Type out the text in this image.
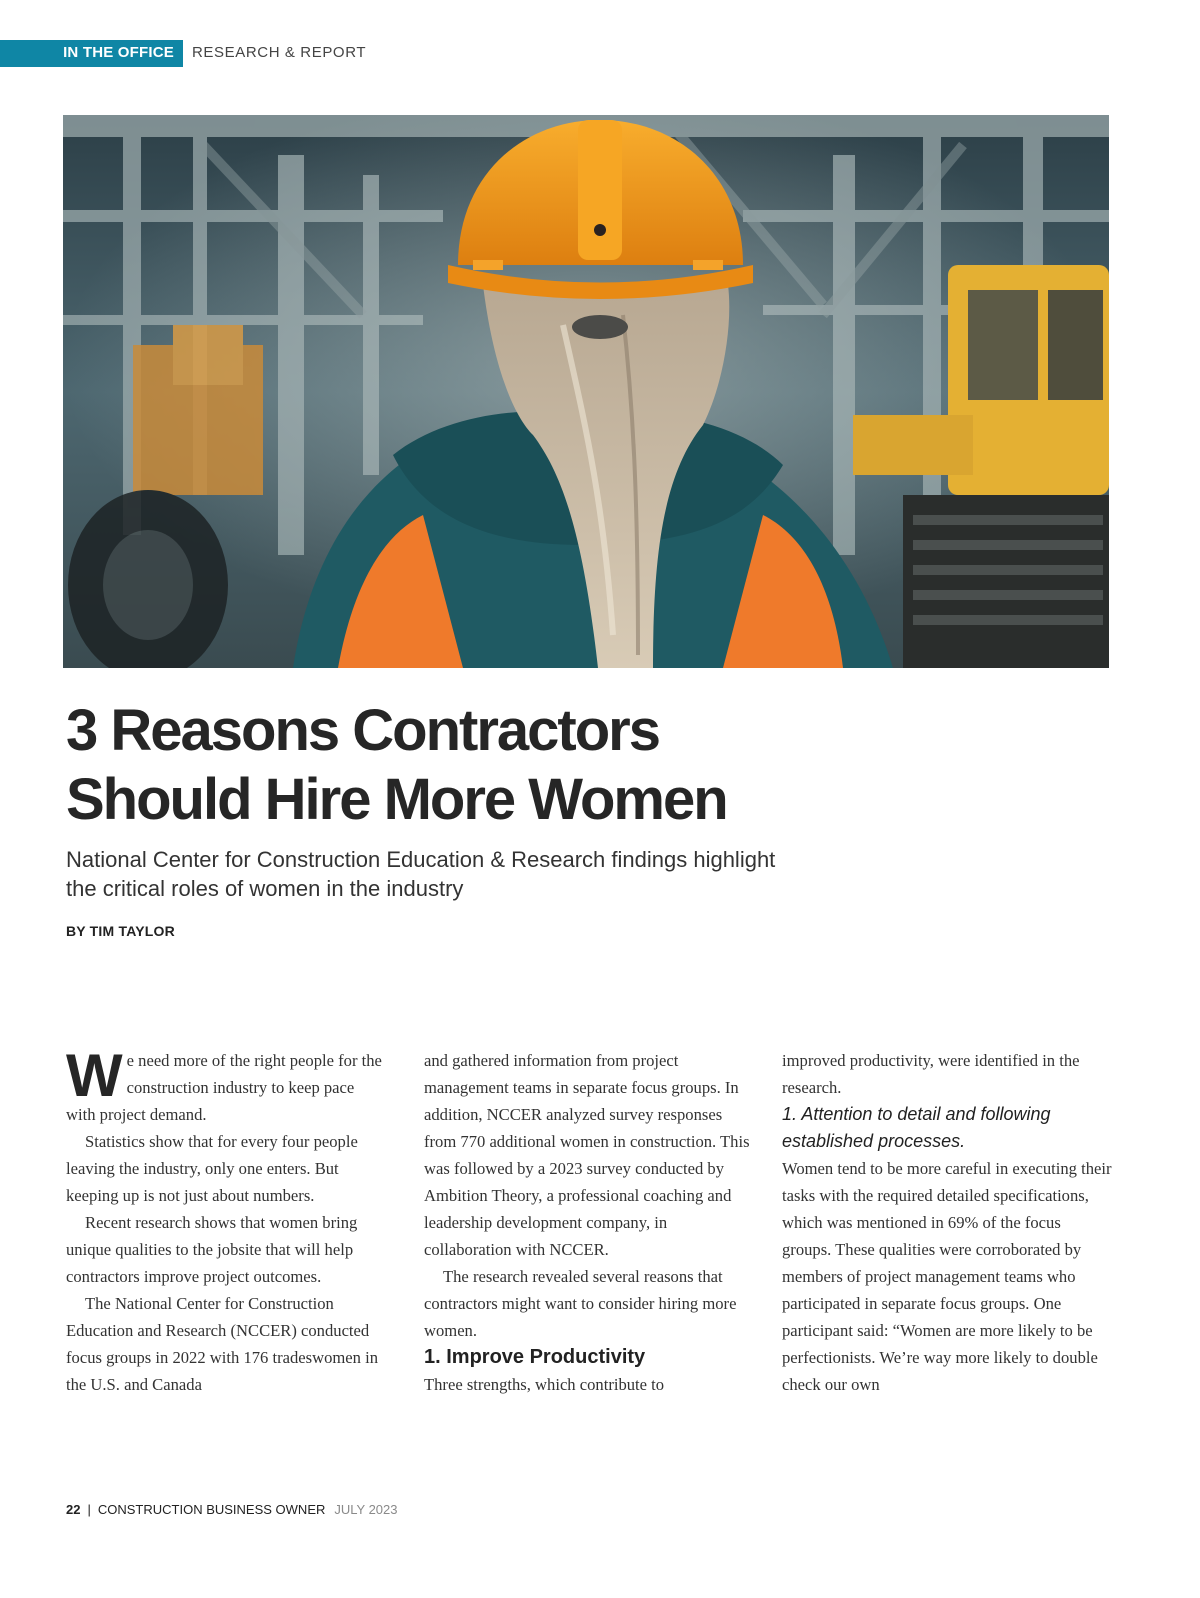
IN THE OFFICE RESEARCH & REPORT
3 Reasons Contractors
Should Hire More Women

National Center for Construction Education & Research findings highlight
the critical roles of women in the industry

BY TIM TAYLOR

We need more of the right people for the construction industry to keep pace with project demand.

Statistics show that for every four people leaving the industry, only one enters. But keeping up is not just about numbers.

Recent research shows that women bring unique qualities to the jobsite that will help contractors improve project outcomes.

The National Center for Construction Education and Research (NCCER) conducted focus groups in 2022 with 176 tradeswomen in the U.S. and Canada

and gathered information from project management teams in separate focus groups. In addition, NCCER analyzed survey responses from 770 additional women in construction. This was followed by a 2023 survey conducted by Ambition Theory, a professional coaching and leadership development company, in collaboration with NCCER.

The research revealed several reasons that contractors might want to consider hiring more women.

1. Improve Productivity

Three strengths, which contribute to

improved productivity, were identified in the research.

1. Attention to detail and following established processes.

Women tend to be more careful in executing their tasks with the required detailed specifications, which was mentioned in 69% of the focus groups. These qualities were corroborated by members of project management teams who participated in separate focus groups. One participant said: “Women are more likely to be perfectionists. We’re way more likely to double check our own

22 | CONSTRUCTION BUSINESS OWNER JULY 2023
